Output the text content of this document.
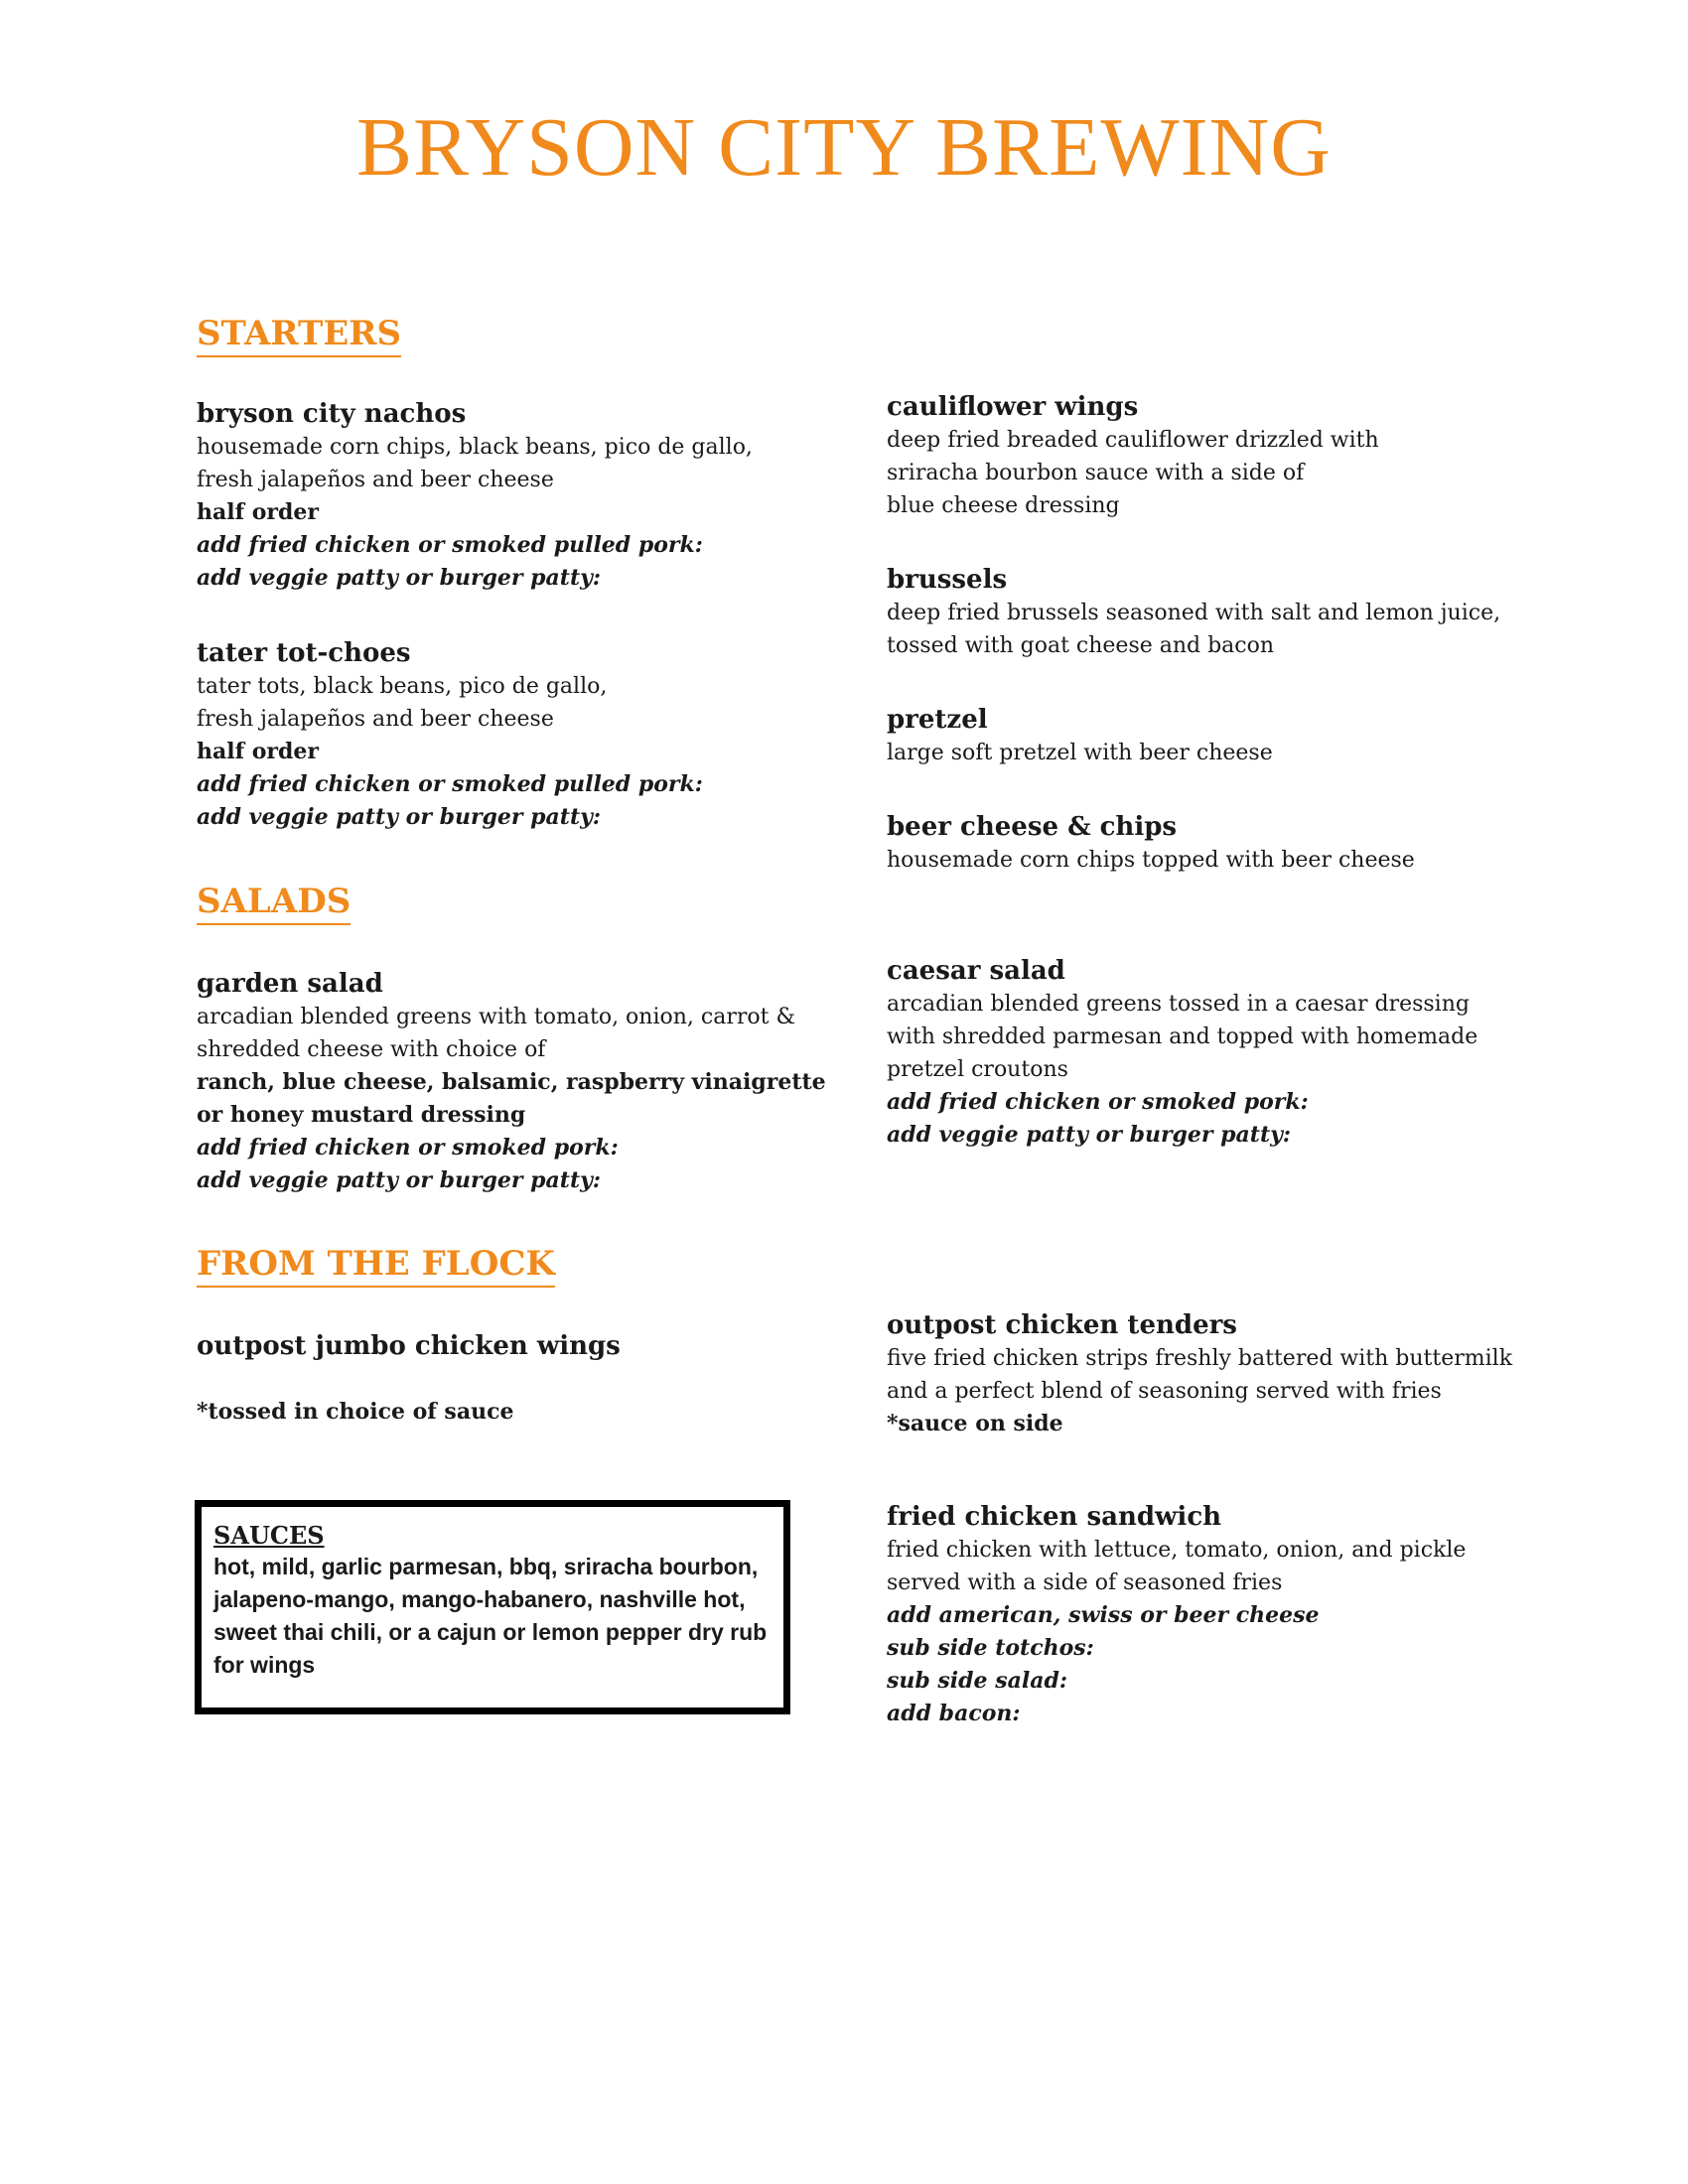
BRYSON CITY BREWING
STARTERS
bryson city nachos
housemade corn chips, black beans, pico de gallo,
fresh jalapeños and beer cheese
half order
add fried chicken or smoked pulled pork:
add veggie patty or burger patty:
tater tot-choes
tater tots, black beans, pico de gallo,
fresh jalapeños and beer cheese
half order
add fried chicken or smoked pulled pork:
add veggie patty or burger patty:
cauliflower wings
deep fried breaded cauliflower drizzled with
sriracha bourbon sauce with a side of
blue cheese dressing
brussels
deep fried brussels seasoned with salt and lemon juice,
tossed with goat cheese and bacon
pretzel
large soft pretzel with beer cheese
beer cheese & chips
housemade corn chips topped with beer cheese
SALADS
garden salad
arcadian blended greens with tomato, onion, carrot &
shredded cheese with choice of
ranch, blue cheese, balsamic, raspberry vinaigrette
or honey mustard dressing
add fried chicken or smoked pork:
add veggie patty or burger patty:
caesar salad
arcadian blended greens tossed in a caesar dressing
with shredded parmesan and topped with homemade
pretzel croutons
add fried chicken or smoked pork:
add veggie patty or burger patty:
FROM THE FLOCK
outpost jumbo chicken wings
*tossed in choice of sauce
outpost chicken tenders
five fried chicken strips freshly battered with buttermilk
and a perfect blend of seasoning served with fries
*sauce on side
SAUCES
hot, mild, garlic parmesan, bbq, sriracha bourbon, jalapeno-mango, mango-habanero, nashville hot, sweet thai chili, or a cajun or lemon pepper dry rub for wings
fried chicken sandwich
fried chicken with lettuce, tomato, onion, and pickle
served with a side of seasoned fries
add american, swiss or beer cheese
sub side totchos:
sub side salad:
add bacon:
